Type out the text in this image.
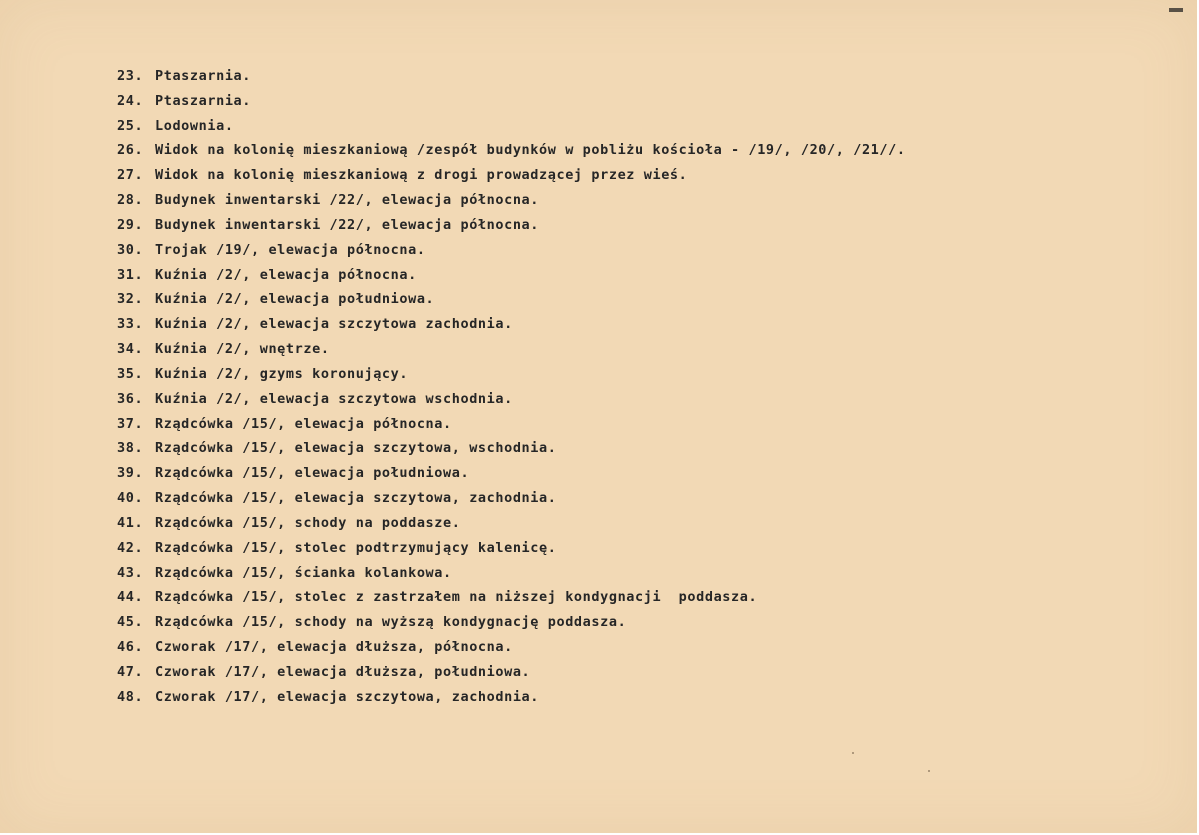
23. Ptaszarnia.
24. Ptaszarnia.
25. Lodownia.
26. Widok na kolonię mieszkaniową /zespół budynków w pobliżu kościoła - /19/, /20/, /21//.
27. Widok na kolonię mieszkaniową z drogi prowadzącej przez wieś.
28. Budynek inwentarski /22/, elewacja północna.
29. Budynek inwentarski /22/, elewacja północna.
30. Trojak /19/, elewacja północna.
31. Kuźnia /2/, elewacja północna.
32. Kuźnia /2/, elewacja południowa.
33. Kuźnia /2/, elewacja szczytowa zachodnia.
34. Kuźnia /2/, wnętrze.
35. Kuźnia /2/, gzyms koronujący.
36. Kuźnia /2/, elewacja szczytowa wschodnia.
37. Rządcówka /15/, elewacja północna.
38. Rządcówka /15/, elewacja szczytowa, wschodnia.
39. Rządcówka /15/, elewacja południowa.
40. Rządcówka /15/, elewacja szczytowa, zachodnia.
41. Rządcówka /15/, schody na poddasze.
42. Rządcówka /15/, stolec podtrzymujący kalenicę.
43. Rządcówka /15/, ścianka kolankowa.
44. Rządcówka /15/, stolec z zastrzałem na niższej kondygnacji  poddasza.
45. Rządcówka /15/, schody na wyższą kondygnację poddasza.
46. Czworak /17/, elewacja dłuższa, północna.
47. Czworak /17/, elewacja dłuższa, południowa.
48. Czworak /17/, elewacja szczytowa, zachodnia.
